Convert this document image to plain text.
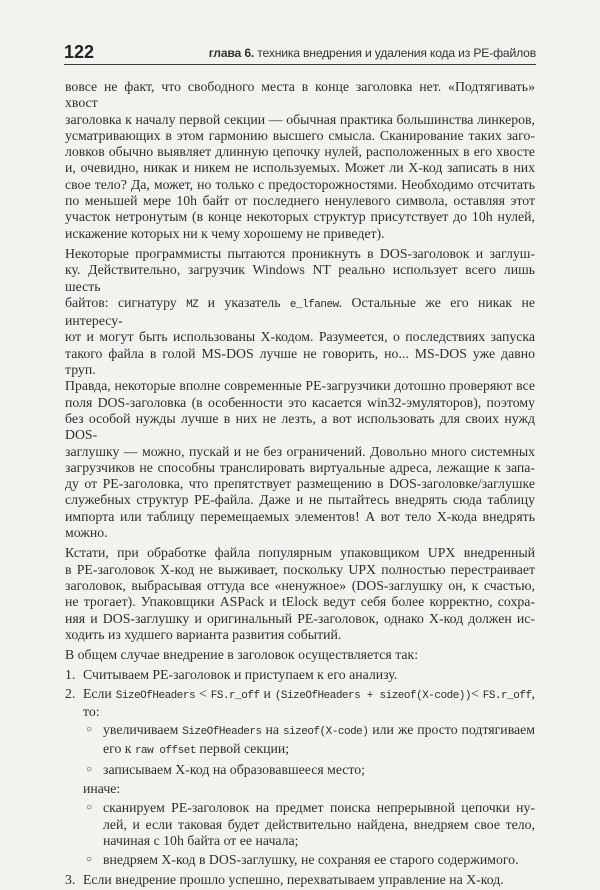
122	глава 6. техника внедрения и удаления кода из PE-файлов
вовсе не факт, что свободного места в конце заголовка нет. «Подтягивать» хвост
заголовка к началу первой секции — обычная практика большинства линкеров,
усматривающих в этом гармонию высшего смысла. Сканирование таких заго-
ловков обычно выявляет длинную цепочку нулей, расположенных в его хвосте
и, очевидно, никак и никем не используемых. Может ли X-код записать в них
свое тело? Да, может, но только с предосторожностями. Необходимо отсчитать
по меньшей мере 10h байт от последнего ненулевого символа, оставляя этот
участок нетронутым (в конце некоторых структур присутствует до 10h нулей,
искажение которых ни к чему хорошему не приведет).
Некоторые программисты пытаются проникнуть в DOS-заголовок и заглуш-
ку. Действительно, загрузчик Windows NT реально использует всего лишь шесть
байтов: сигнатуру MZ и указатель e_lfanew. Остальные же его никак не интересу-
ют и могут быть использованы X-кодом. Разумеется, о последствиях запуска
такого файла в голой MS-DOS лучше не говорить, но... MS-DOS уже давно труп.
Правда, некоторые вполне современные PE-загрузчики дотошно проверяют все
поля DOS-заголовка (в особенности это касается win32-эмуляторов), поэтому
без особой нужды лучше в них не лезть, а вот использовать для своих нужд DOS-
заглушку — можно, пускай и не без ограничений. Довольно много системных
загрузчиков не способны транслировать виртуальные адреса, лежащие к запа-
ду от PE-заголовка, что препятствует размещению в DOS-заголовке/заглушке
служебных структур PE-файла. Даже и не пытайтесь внедрять сюда таблицу
импорта или таблицу перемещаемых элементов! А вот тело X-кода внедрять
можно.
Кстати, при обработке файла популярным упаковщиком UPX внедренный
в PE-заголовок X-код не выживает, поскольку UPX полностью перестраивает
заголовок, выбрасывая оттуда все «ненужное» (DOS-заглушку он, к счастью,
не трогает). Упаковщики ASPack и tElock ведут себя более корректно, сохра-
няя и DOS-заглушку и оригинальный PE-заголовок, однако X-код должен ис-
ходить из худшего варианта развития событий.
В общем случае внедрение в заголовок осуществляется так:
1. Считываем PE-заголовок и приступаем к его анализу.
2. Если SizeOfHeaders < FS.r_off и (SizeOfHeaders + sizeof(X-code))< FS.r_off, то:
○ увеличиваем SizeOfHeaders на sizeof(X-code) или же просто подтягиваем
его к raw offset первой секции;
○ записываем X-код на образовавшееся место;
иначе:
○ сканируем PE-заголовок на предмет поиска непрерывной цепочки ну-
лей, и если таковая будет действительно найдена, внедряем свое тело,
начиная с 10h байта от ее начала;
○ внедряем X-код в DOS-заглушку, не сохраняя ее старого содержимого.
3. Если внедрение прошло успешно, перехватываем управление на X-код.
